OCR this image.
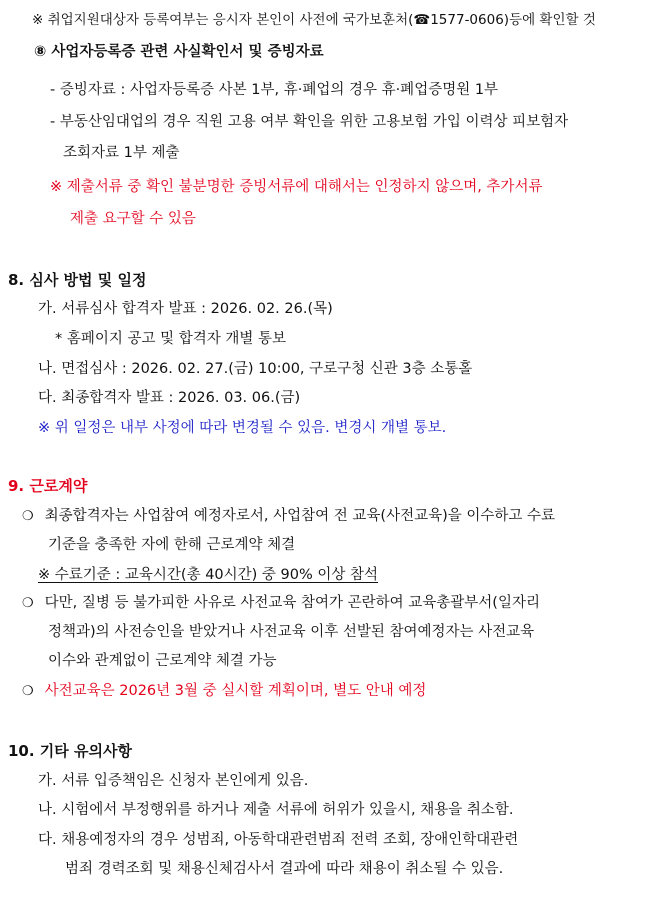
※ 취업지원대상자 등록여부는 응시자 본인이 사전에 국가보훈처(☎1577-0606)등에 확인할 것
⑧ 사업자등록증 관련 사실확인서 및 증빙자료
- 증빙자료 : 사업자등록증 사본 1부, 휴·폐업의 경우 휴·폐업증명원 1부
- 부동산임대업의 경우 직원 고용 여부 확인을 위한 고용보험 가입 이력상 피보험자
조회자료 1부 제출
※ 제출서류 중 확인 불분명한 증빙서류에 대해서는 인정하지 않으며, 추가서류
제출 요구할 수 있음
8. 심사 방법 및 일정
가. 서류심사 합격자 발표 : 2026. 02. 26.(목)
* 홈페이지 공고 및 합격자 개별 통보
나. 면접심사 : 2026. 02. 27.(금) 10:00, 구로구청 신관 3층 소통홀
다. 최종합격자 발표 : 2026. 03. 06.(금)
※ 위 일정은 내부 사정에 따라 변경될 수 있음. 변경시 개별 통보.
9. 근로계약
❍ 최종합격자는 사업참여 예정자로서, 사업참여 전 교육(사전교육)을 이수하고 수료
기준을 충족한 자에 한해 근로계약 체결
※ 수료기준 : 교육시간(총 40시간) 중 90% 이상 참석
❍ 다만, 질병 등 불가피한 사유로 사전교육 참여가 곤란하여 교육총괄부서(일자리
정책과)의 사전승인을 받았거나 사전교육 이후 선발된 참여예정자는 사전교육
이수와 관계없이 근로계약 체결 가능
❍ 사전교육은 2026년 3월 중 실시할 계획이며, 별도 안내 예정
10. 기타 유의사항
가. 서류 입증책임은 신청자 본인에게 있음.
나. 시험에서 부정행위를 하거나 제출 서류에 허위가 있을시, 채용을 취소함.
다. 채용예정자의 경우 성범죄, 아동학대관련범죄 전력 조회, 장애인학대관련
범죄 경력조회 및 채용신체검사서 결과에 따라 채용이 취소될 수 있음.
